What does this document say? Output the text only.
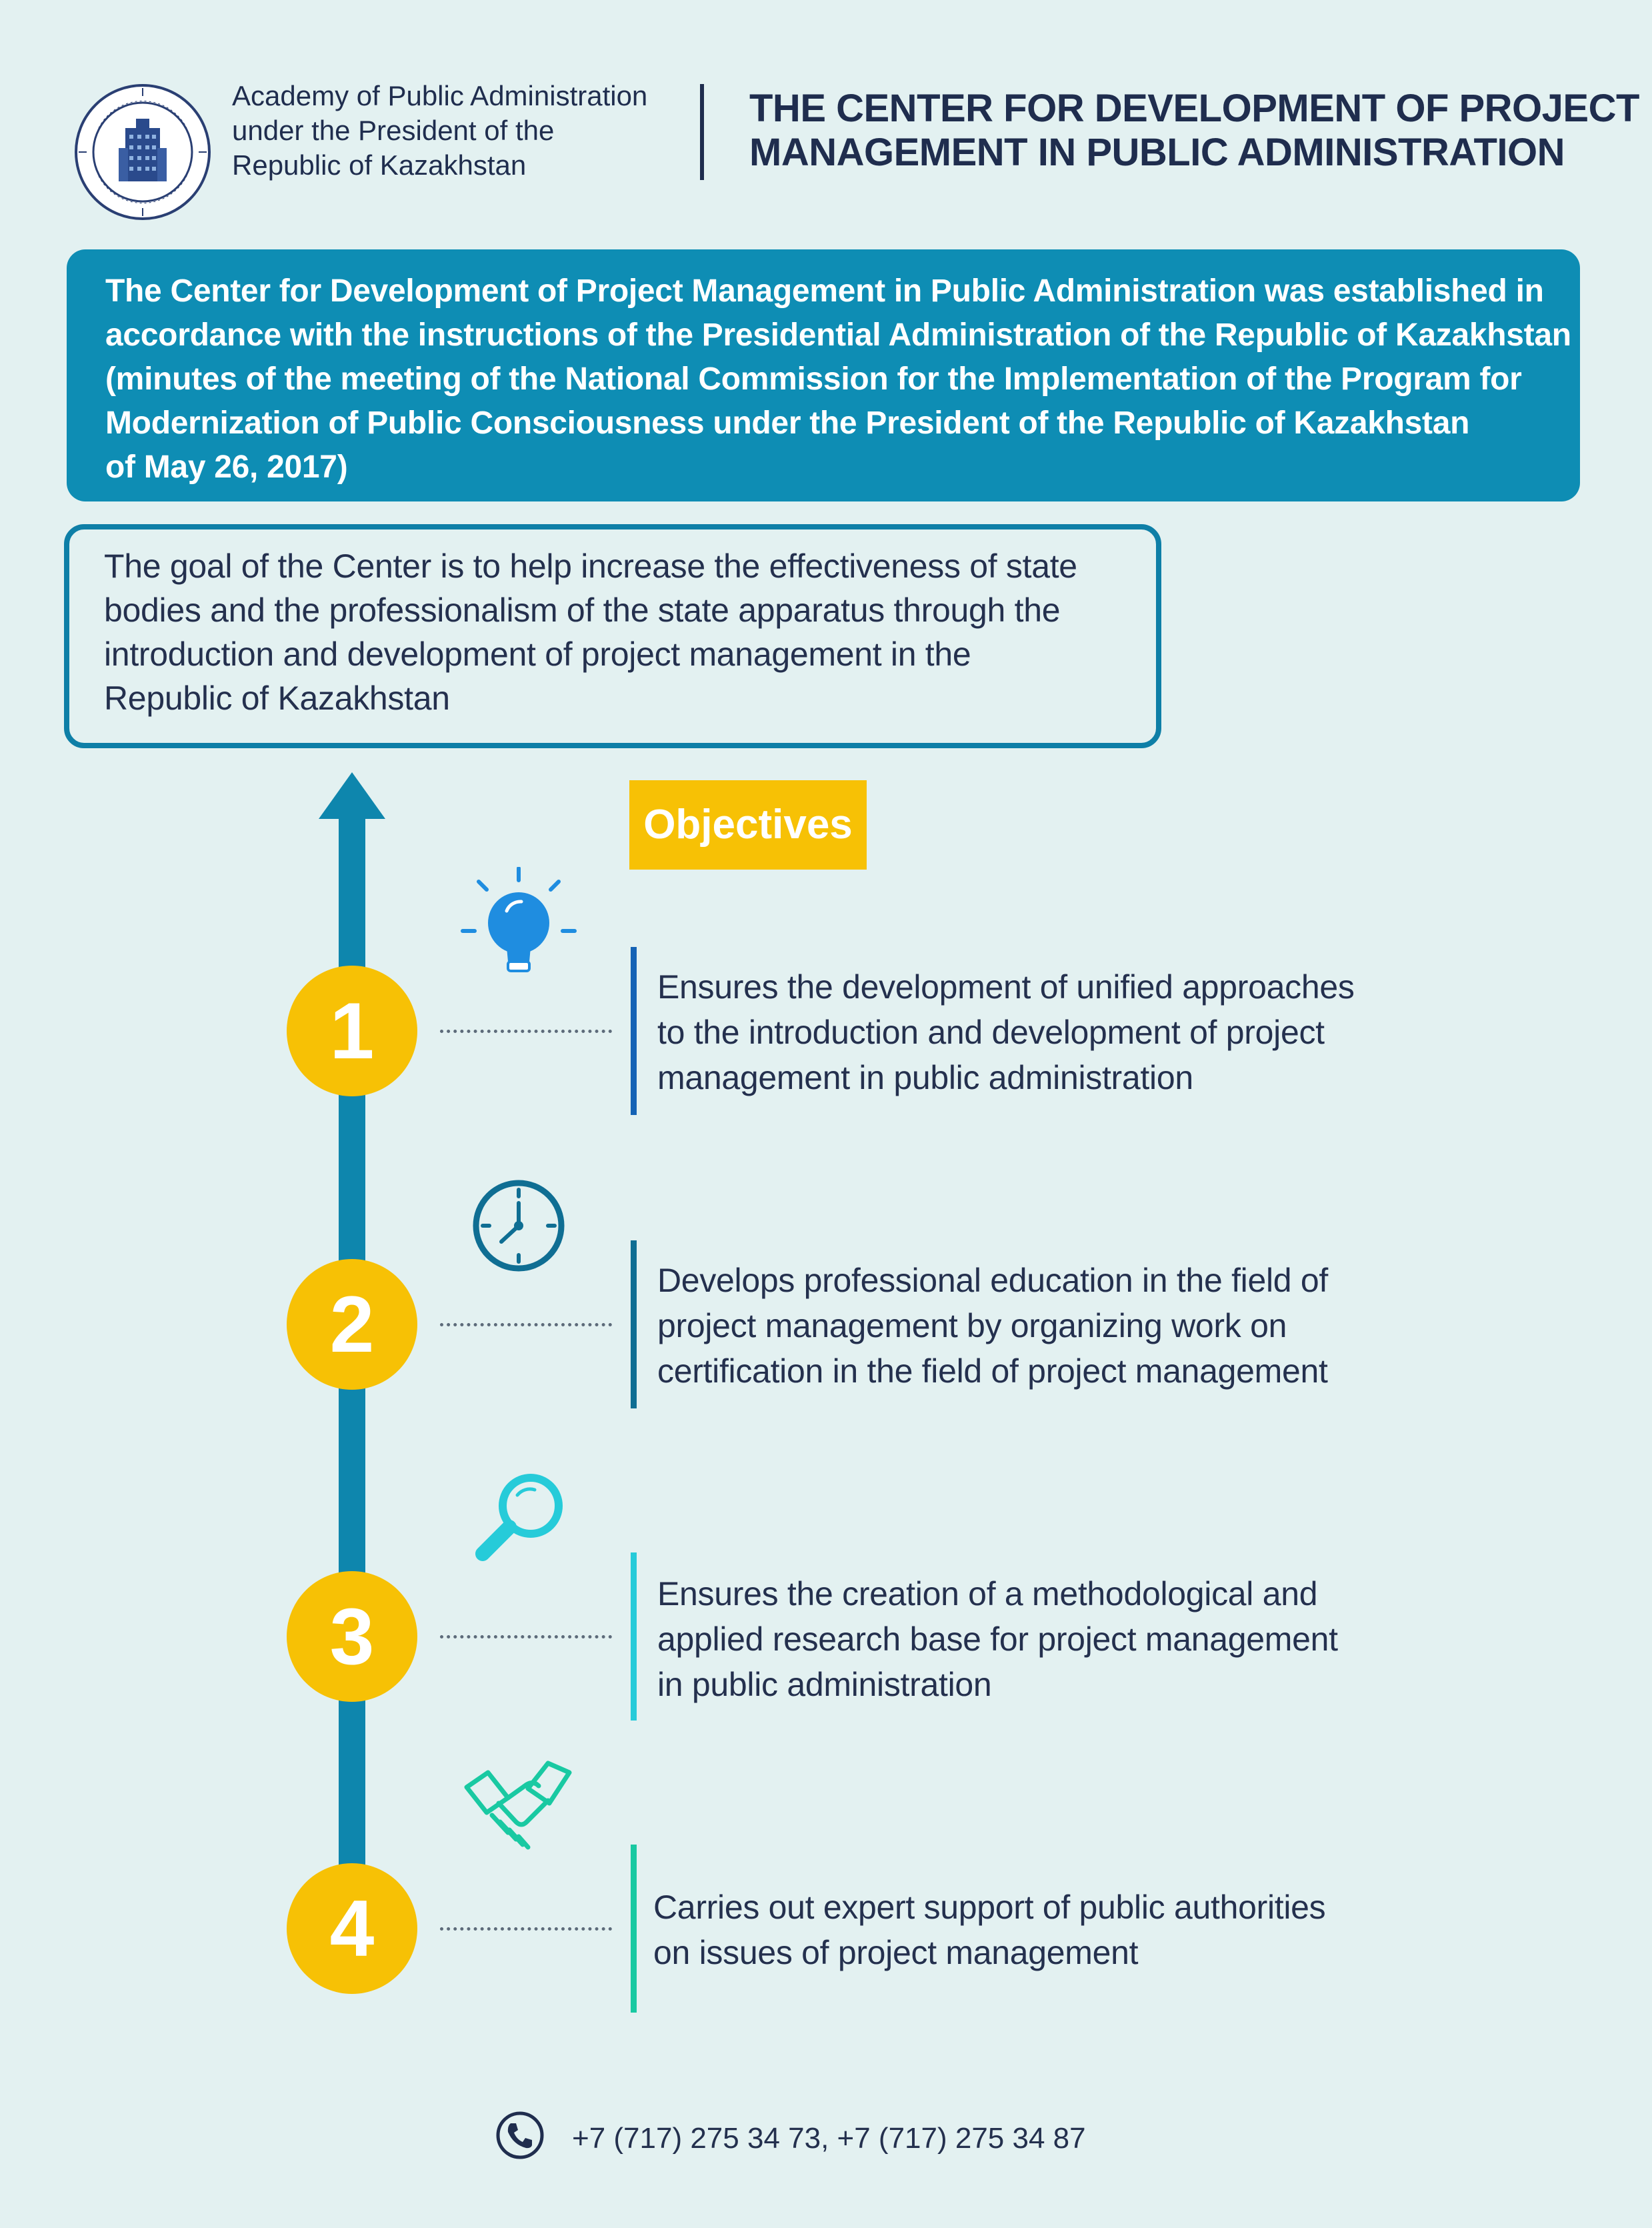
Academy of Public Administration
under the President of the
Republic of Kazakhstan
THE CENTER FOR DEVELOPMENT OF PROJECT
MANAGEMENT IN PUBLIC ADMINISTRATION
The Center for Development of Project Management in Public Administration was established in
accordance with the instructions of the Presidential Administration of the Republic of Kazakhstan
(minutes of the meeting of the National Commission for the Implementation of the Program for
Modernization of Public Consciousness under the President of the Republic of Kazakhstan
of May 26, 2017)
The goal of the Center is to help increase the effectiveness of state
bodies and the professionalism of the state apparatus through the
introduction and development of project management in the
Republic of Kazakhstan
Objectives
1	Ensures the development of unified approaches
to the introduction and development of project
management in public administration
2	Develops professional education in the field of
project management by organizing work on
certification in the field of project management
3	Ensures the creation of a methodological and
applied research base for project management
in public administration
4	Carries out expert support of public authorities
on issues of project management
+7 (717) 275 34 73, +7 (717) 275 34 87
